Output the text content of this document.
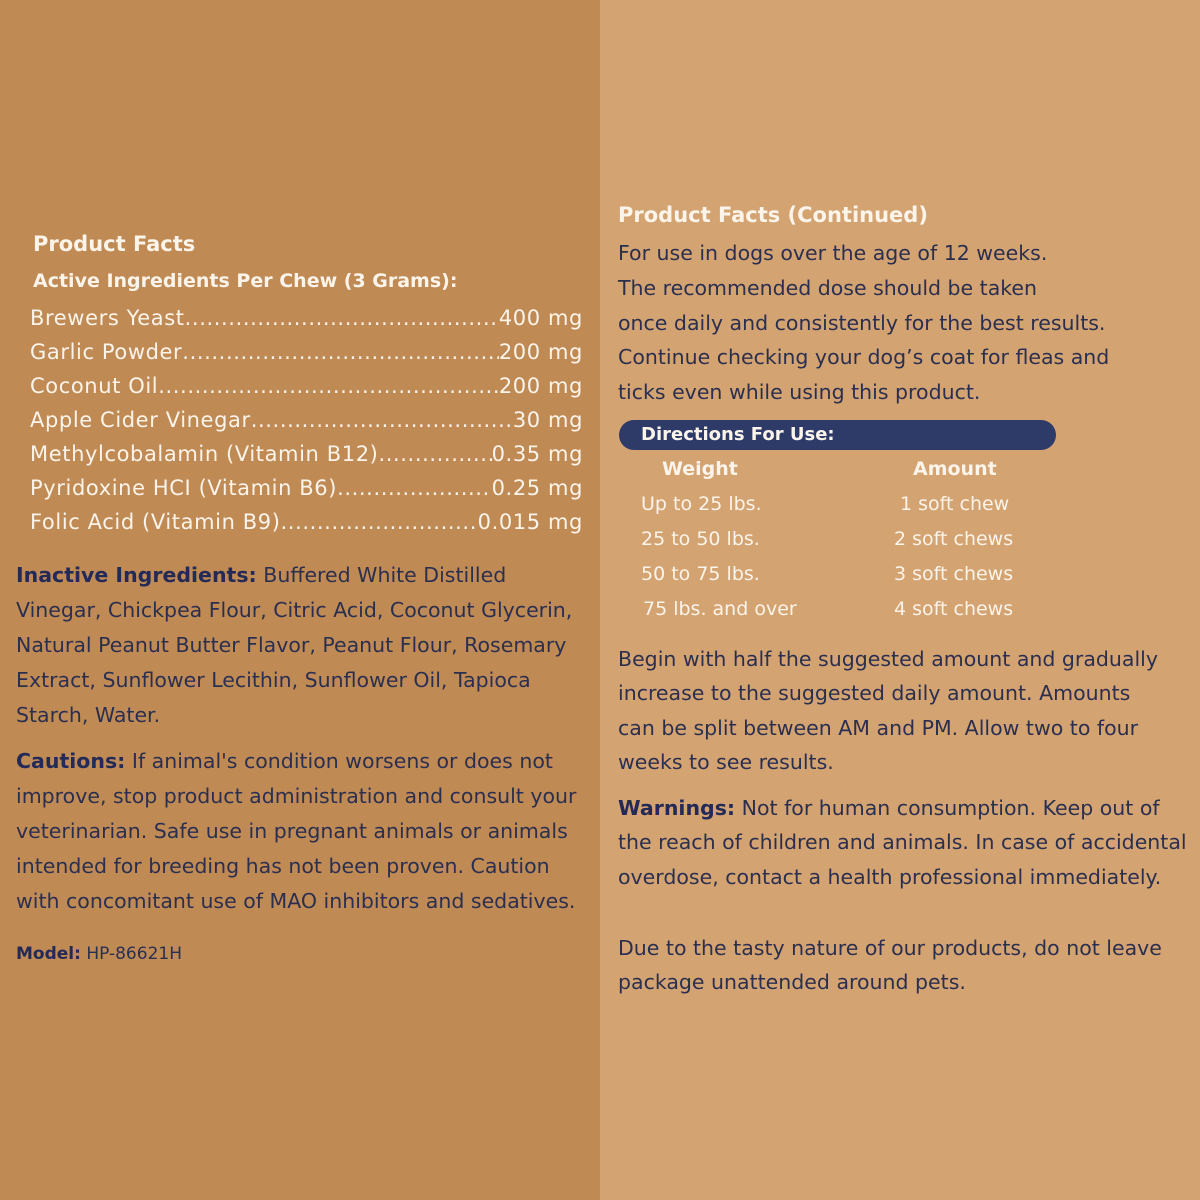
Product Facts
Active Ingredients Per Chew (3 Grams):
Brewers Yeast .....	400 mg
Garlic Powder .....	200 mg
Coconut Oil .....	200 mg
Apple Cider Vinegar .....	30 mg
Methylcobalamin (Vitamin B12) .....	0.35 mg
Pyridoxine HCI (Vitamin B6) .....	0.25 mg
Folic Acid (Vitamin B9) .....	0.015 mg
Inactive Ingredients: Buffered White Distilled Vinegar, Chickpea Flour, Citric Acid, Coconut Glycerin, Natural Peanut Butter Flavor, Peanut Flour, Rosemary Extract, Sunflower Lecithin, Sunflower Oil, Tapioca Starch, Water.
Cautions: If animal's condition worsens or does not improve, stop product administration and consult your veterinarian. Safe use in pregnant animals or animals intended for breeding has not been proven. Caution with concomitant use of MAO inhibitors and sedatives.
Model: HP-86621H
Product Facts (Continued)
For use in dogs over the age of 12 weeks.
The recommended dose should be taken
once daily and consistently for the best results.
Continue checking your dog’s coat for fleas and
ticks even while using this product.
Directions For Use:
Weight	Amount
Up to 25 lbs.	1 soft chew
25 to 50 lbs.	2 soft chews
50 to 75 lbs.	3 soft chews
75 lbs. and over	4 soft chews
Begin with half the suggested amount and gradually
increase to the suggested daily amount. Amounts
can be split between AM and PM. Allow two to four
weeks to see results.
Warnings: Not for human consumption. Keep out of
the reach of children and animals. In case of accidental
overdose, contact a health professional immediately.
Due to the tasty nature of our products, do not leave
package unattended around pets.
